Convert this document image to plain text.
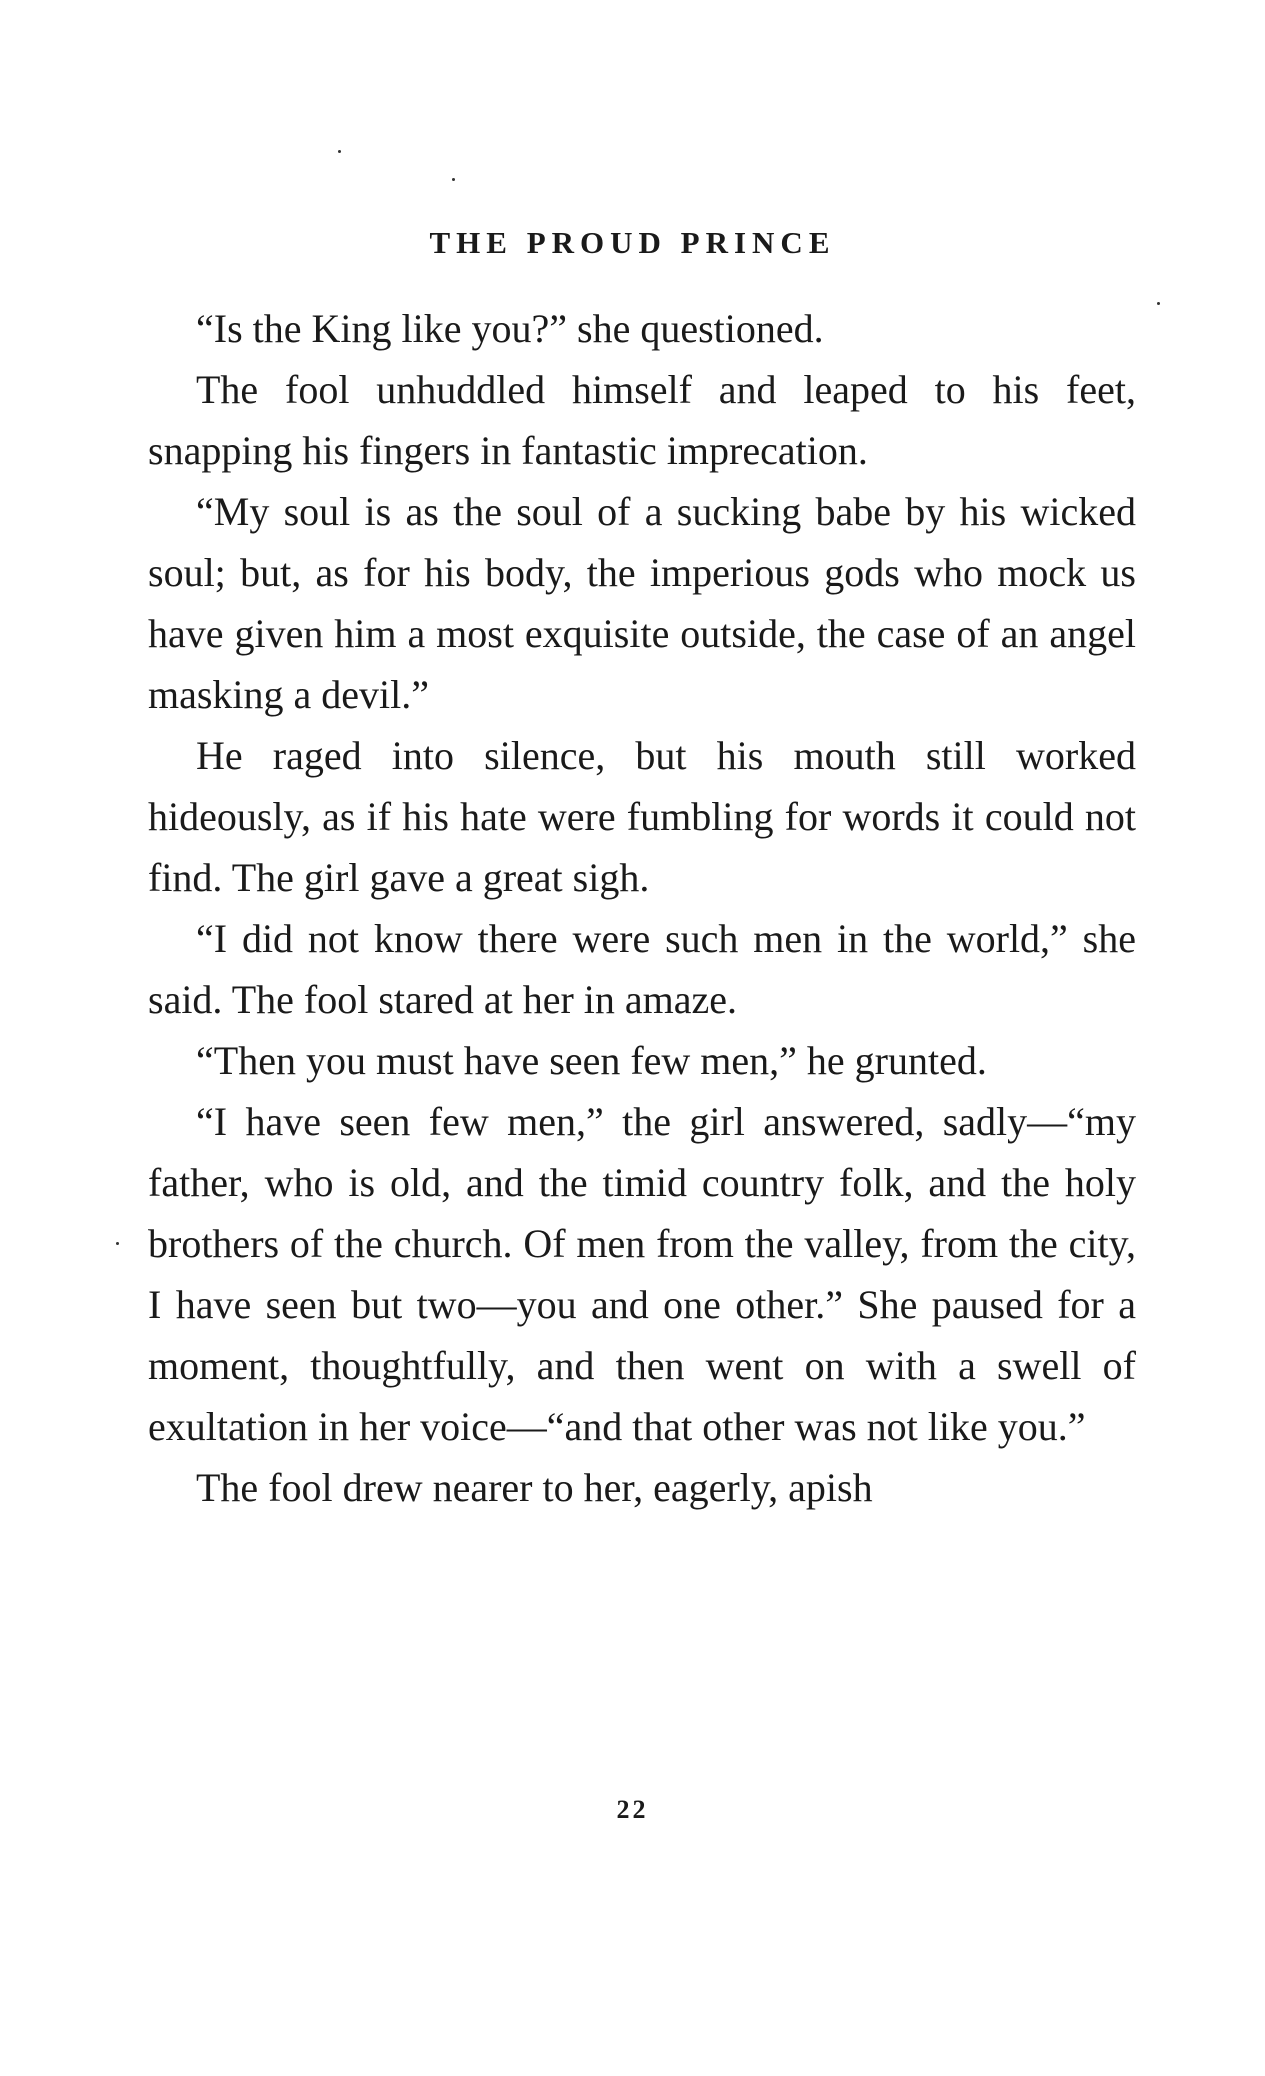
THE PROUD PRINCE

“Is the King like you?” she questioned.

The fool unhuddled himself and leaped to his feet, snapping his fingers in fantastic imprecation.

“My soul is as the soul of a sucking babe by his wicked soul; but, as for his body, the imperious gods who mock us have given him a most exquisite outside, the case of an angel masking a devil.”

He raged into silence, but his mouth still worked hideously, as if his hate were fumbling for words it could not find. The girl gave a great sigh.

“I did not know there were such men in the world,” she said. The fool stared at her in amaze.

“Then you must have seen few men,” he grunted.

“I have seen few men,” the girl answered, sadly—“my father, who is old, and the timid country folk, and the holy brothers of the church. Of men from the valley, from the city, I have seen but two—you and one other.” She paused for a moment, thoughtfully, and then went on with a swell of exultation in her voice—“and that other was not like you.”

The fool drew nearer to her, eagerly, apish

22
